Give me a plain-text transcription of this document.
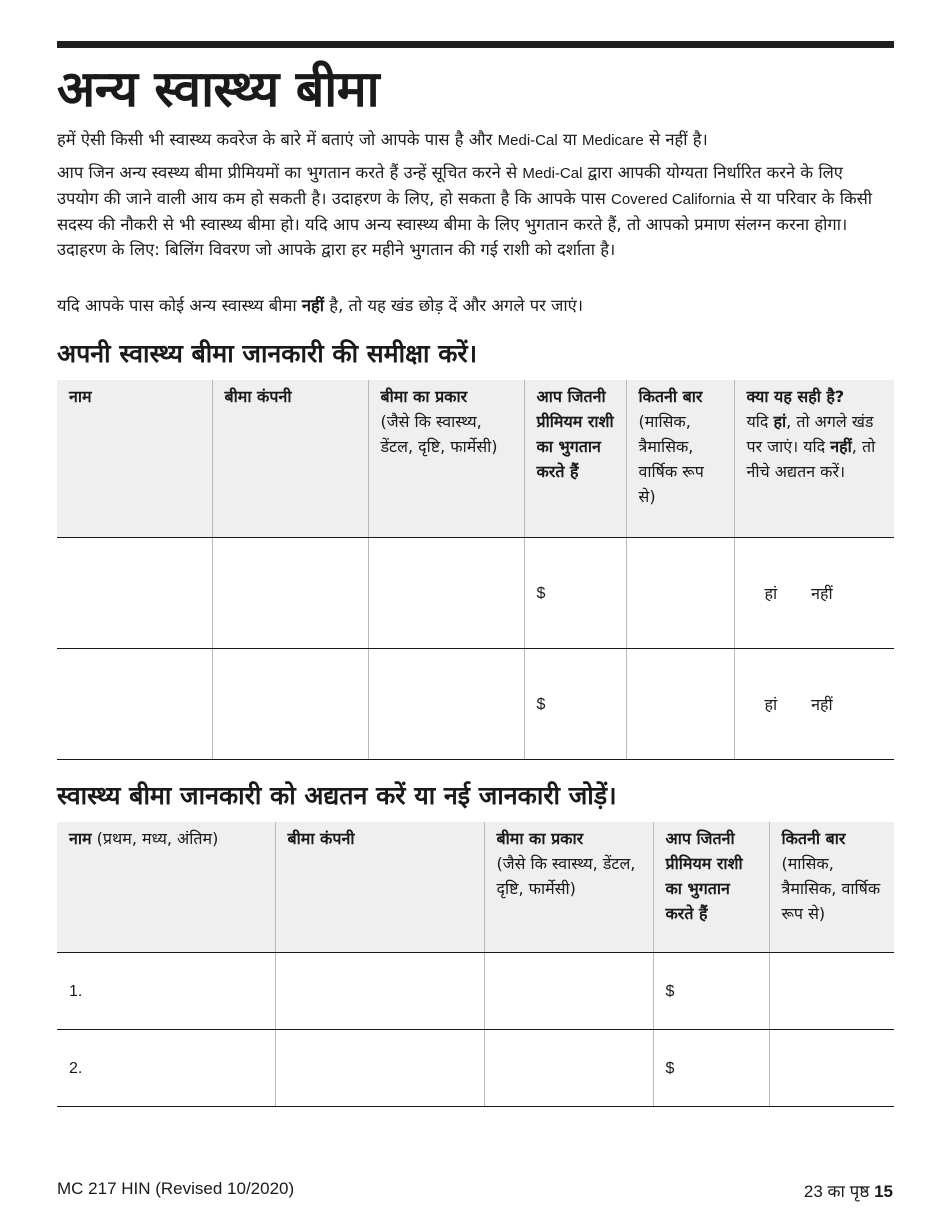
अन्य स्वास्थ्य बीमा

हमें ऐसी किसी भी स्वास्थ्य कवरेज के बारे में बताएं जो आपके पास है और Medi-Cal या Medicare से नहीं है।

आप जिन अन्य स्वस्थ्य बीमा प्रीमियमों का भुगतान करते हैं उन्हें सूचित करने से Medi-Cal द्वारा आपकी योग्यता निर्धारित करने के लिए उपयोग की जाने वाली आय कम हो सकती है। उदाहरण के लिए, हो सकता है कि आपके पास Covered California से या परिवार के किसी सदस्य की नौकरी से भी स्वास्थ्य बीमा हो। यदि आप अन्य स्वास्थ्य बीमा के लिए भुगतान करते हैं, तो आपको प्रमाण संलग्न करना होगा। उदाहरण के लिए: बिलिंग विवरण जो आपके द्वारा हर महीने भुगतान की गई राशी को दर्शाता है।

यदि आपके पास कोई अन्य स्वास्थ्य बीमा नहीं है, तो यह खंड छोड़ दें और अगले पर जाएं।

अपनी स्वास्थ्य बीमा जानकारी की समीक्षा करें।
नाम	बीमा कंपनी	बीमा का प्रकार
(जैसे कि स्वास्थ्य, डेंटल, दृष्टि, फार्मेसी)	आप जितनी प्रीमियम राशी का भुगतान करते हैं	कितनी बार
(मासिक, त्रैमासिक, वार्षिक रूप से)	क्या यह सही है?
यदि हां, तो अगले खंड पर जाएं। यदि नहीं, तो नीचे अद्यतन करें।
			$		हां नहीं

			$		हां नहीं
स्वास्थ्य बीमा जानकारी को अद्यतन करें या नई जानकारी जोड़ें।
नाम (प्रथम, मध्य, अंतिम)	बीमा कंपनी	बीमा का प्रकार
(जैसे कि स्वास्थ्य, डेंटल, दृष्टि, फार्मेसी)	आप जितनी प्रीमियम राशी का भुगतान करते हैं	कितनी बार
(मासिक, त्रैमासिक, वार्षिक रूप से)
1.			$	
2.			$	
MC 217 HIN (Revised 10/2020)	23 का पृष्ठ 15
